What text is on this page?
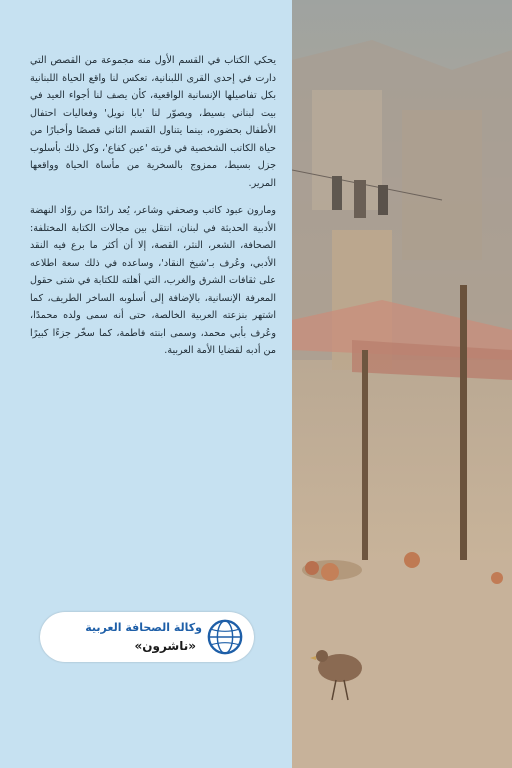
يحكي الكتاب في القسم الأول منه مجموعة من القصص التي دارت في إحدى القرى اللبنانية، تعكس لنا واقع الحياة اللبنانية بكل تفاصيلها الإنسانية الواقعية، كأن يصف لنا أجواء العيد في بيت لبناني بسيط، ويصوّر لنا 'بابا نويل' وفعاليات احتفال الأطفال بحضوره، بينما يتناول القسم الثاني قصصًا وأخبارًا من حياة الكاتب الشخصية في قريته 'عين كفاع'، وكل ذلك بأسلوب جزل بسيط، ممزوج بالسخرية من مأساة الحياة وواقعها المرير.

ومارون عبود كاتب وصحفي وشاعر، يُعد رائدًا من روّاد النهضة الأدبية الحديثة في لبنان، انتقل بين مجالات الكتابة المختلفة: الصحافة، الشعر، النثر، القصة، إلا أن أكثر ما برع فيه النقد الأدبي، وعُرف بـ'شيخ النقاد'، وساعده في ذلك سعة اطلاعه على ثقافات الشرق والغرب، التي أهلته للكتابة في شتى حقول المعرفة الإنسانية، بالإضافة إلى أسلوبه الساخر الطريف، كما اشتهر بنزعته العربية الخالصة، حتى أنه سمى ولده محمدًا، وعُرف بأبي محمد، وسمى ابنته فاطمة، كما سخّر جزءًا كبيرًا من أدبه لقضايا الأمة العربية.

وكالة الصحافة العربية
«ناشرون»
